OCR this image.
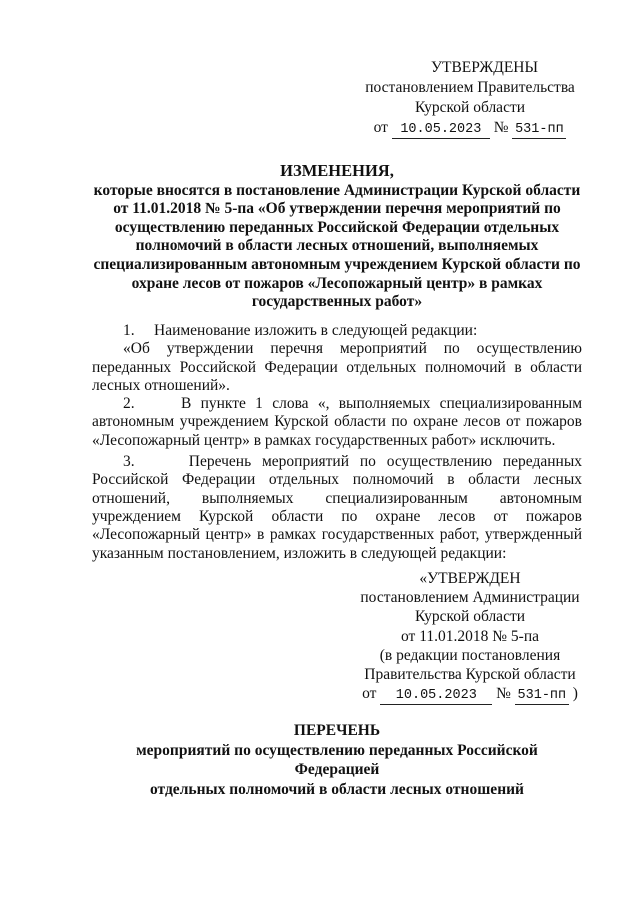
УТВЕРЖДЕНЫ
постановлением Правительства
Курской области
от 10.05.2023 № 531-пп
ИЗМЕНЕНИЯ,
которые вносятся в постановление Администрации Курской области
от 11.01.2018 № 5-па «Об утверждении перечня мероприятий по
осуществлению переданных Российской Федерации отдельных
полномочий в области лесных отношений, выполняемых
специализированным автономным учреждением Курской области по
охране лесов от пожаров «Лесопожарный центр» в рамках
государственных работ»

1.     Наименование изложить в следующей редакции:

«Об утверждении перечня мероприятий по осуществлению переданных Российской Федерации отдельных полномочий в области лесных отношений».

2.     В пункте 1 слова «, выполняемых специализированным автономным учреждением Курской области по охране лесов от пожаров «Лесопожарный центр» в рамках государственных работ» исключить.

3.     Перечень мероприятий по осуществлению переданных Российской Федерации отдельных полномочий в области лесных отношений, выполняемых специализированным автономным учреждением Курской области по охране лесов от пожаров «Лесопожарный центр» в рамках государственных работ, утвержденный указанным постановлением, изложить в следующей редакции:

«УТВЕРЖДЕН
постановлением Администрации
Курской области
от 11.01.2018 № 5-па
(в редакции постановления
Правительства Курской области
от 10.05.2023 № 531-пп )
ПЕРЕЧЕНЬ
мероприятий по осуществлению переданных Российской Федерацией
отдельных полномочий в области лесных отношений
